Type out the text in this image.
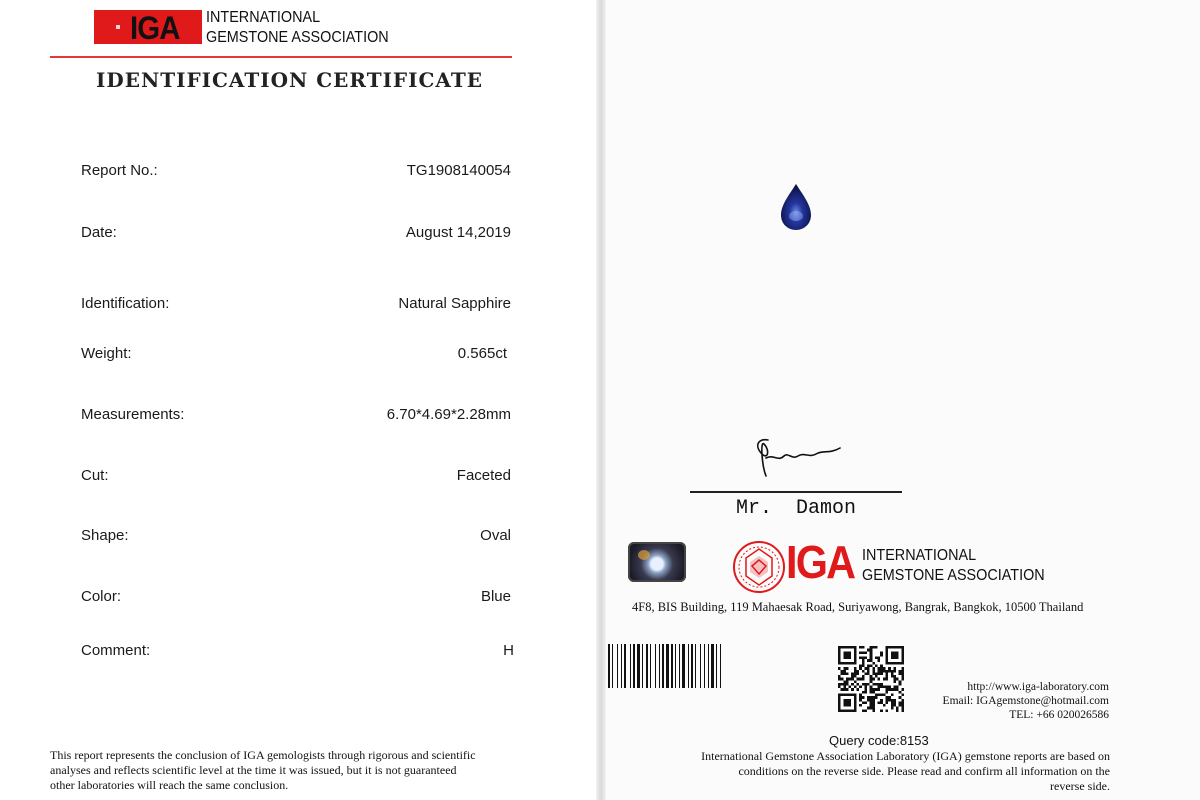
IGA INTERNATIONAL
GEMSTONE ASSOCIATION
IDENTIFICATION CERTIFICATE
Report No.:	TG1908140054
Date:	August 14,2019
Identification:	Natural Sapphire
Weight:	0.565ct
Measurements:	6.70*4.69*2.28mm
Cut:	Faceted
Shape:	Oval
Color:	Blue
Comment:	H
This report represents the conclusion of IGA gemologists through rigorous and scientific
analyses and reflects scientific level at the time it was issued, but it is not guaranteed
other laboratories will reach the same conclusion.
Mr.  Damon
IGA INTERNATIONAL
GEMSTONE ASSOCIATION
4F8, BIS Building, 119 Mahaesak Road, Suriyawong, Bangrak, Bangkok, 10500 Thailand
http://www.iga-laboratory.com
Email: IGAgemstone@hotmail.com
TEL: +66 020026586
Query code:8153
International Gemstone Association Laboratory (IGA) gemstone reports are based on
conditions on the reverse side. Please read and confirm all information on the
reverse side.
